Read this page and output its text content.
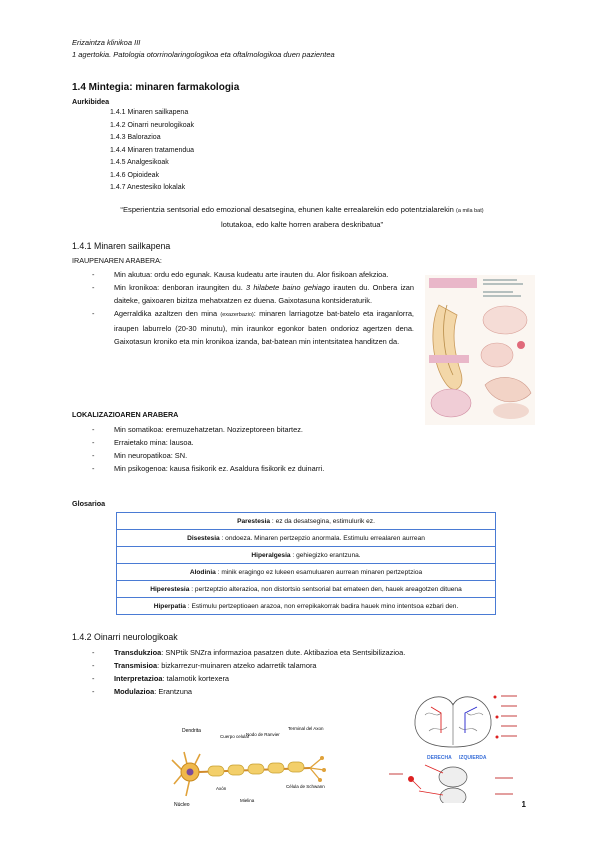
Erizaintza klinikoa III
1 agertokia. Patologia otorrinolaringologikoa eta oftalmologikoa duen pazientea
1.4 Mintegia: minaren farmakologia
Aurkibidea
1.4.1 Minaren sailkapena
1.4.2 Oinarri neurologikoak
1.4.3 Balorazioa
1.4.4 Minaren tratamendua
1.4.5 Analgesikoak
1.4.6 Opioideak
1.4.7 Anestesiko lokalak
“Esperientzia sentsorial edo emozional desatsegina, ehunen kalte errealarekin edo potentzialarekin (a mila bat)
lotutakoa, edo kalte horren arabera deskribatua”
1.4.1 Minaren sailkapena
IRAUPENAREN ARABERA:
- Min akutua: ordu edo egunak. Kausa kudeatu arte irauten du. Alor fisikoan afekzioa.
- Min kronikoa: denboran iraungiten du. 3 hilabete baino gehiago irauten du. Onbera izan daiteke, gaixoaren bizitza mehatxatzen ez duena. Gaixotasuna kontsideraturik.
- Agerraldika azaltzen den mina (exazerbazio): minaren larriagotze bat-batelo eta iraganlorra, iraupen laburrelo (20-30 minutu), min iraunkor egonkor baten ondorioz agertzen dena. Gaixotasun kroniko eta min kronikoa izanda, bat-batean min intentsitatea handitzen da.
LOKALIZAZIOAREN ARABERA
- Min somatikoa: eremuzehatzetan. Nozizeptoreen bitartez.
- Erraietako mina: lausoa.
- Min neuropatikoa: SN.
- Min psikogenoa: kausa fisikorik ez. Asaldura fisikorik ez duinarri.
Glosarioa
Parestesia : ez da desatseginа, estimulurik ez.
Disestesia : ondoeza. Minaren pertzepzio anormala. Estimulu errealaren aurrean
Hiperalgesia : gehiegizko erantzuna.
Alodinia : minik eragingo ez lukeen esamuluaren aurrean minaren pertzeptzioa
Hiperestesia : pertzeptzio alterazioa, non distortsio sentsorial bat emateen den, hauek areagotzen dituena
Hiperpatia : Estimulu pertzeptioaen arazoa, non errepikakorrak badira hauek mino intentsoa ezbari den.
1.4.2 Oinarri neurologikoak
- Transdukzioa: SNPtik SNZra informazioa pasatzen dute. Aktibazioa eta Sentsibilizazioa.
- Transmisioa: bizkarrezur-muinaren atzeko adarretik talamora
- Interpretazioa: talamotik kortexera
- Modulazioa: Erantzuna
Dendrita
Cuerpo celular
Nodo de Ranvier
Terminal del Axon
Axón	Célula de Schwann
Núcleo
Mielina
DERECHA IZQUIERDA
1
